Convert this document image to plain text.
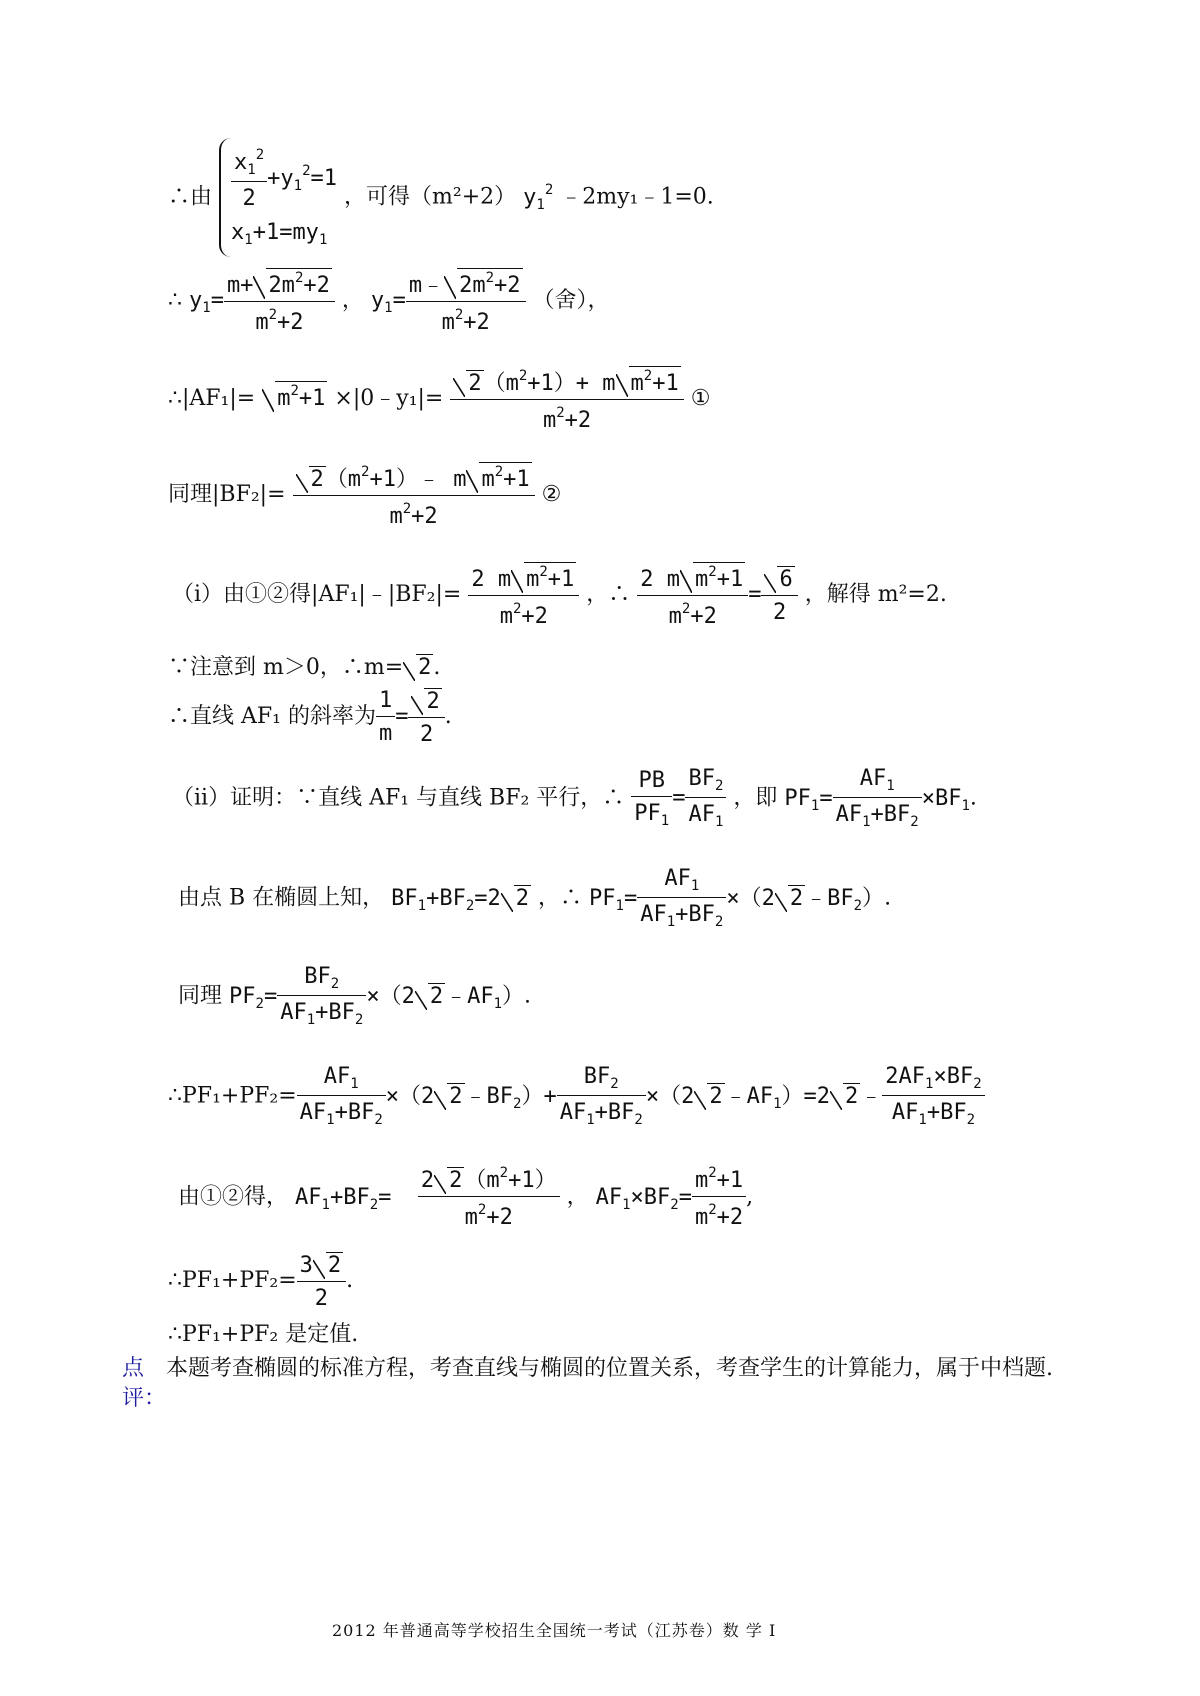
∴由 $\frac{x_1^2}{2} +y_1^2=1$
$x_1+1=my_1$
，可得（m²+2） $y_1^2$ ﹣2my₁﹣1=0.
∴ $y_1= \frac{m+ 2m^2+2}{m^2+2}$ ， $y_1= \frac{m﹣ 2m^2+2}{m^2+2}$ （舍），
∴|AF₁|= $m^2+1$ ×|0﹣y₁|= $\frac{2(m^2+1)+ m m^2+1}{m^2+2}$ ①
同理$|BF_2|= \frac{2(m^2+1)﹣ m m^2+1}{m^2+2}$ ②
（i）由①②得|AF₁|﹣|BF₂|= $\frac{2 m m^2+1}{m^2+2}$ ，∴ $\frac{2 m m^2+1}{m^2+2} = \frac{6}{2}$ ，解得 m²=2.
∵注意到 m＞0，∴m= 2.
∴直线 AF₁ 的斜率为 $\frac{1}{m} = \frac{2}{2}$ .
（ii）证明：∵直线 AF₁ 与直线 BF₂ 平行，∴ $\frac{PB}{PF_1} = \frac{BF_2}{AF_1}$ ，即 $PF_1= \frac{AF_1}{AF_1+BF_2} \times BF_1$.
由点 B 在椭圆上知， $BF_1+BF_2=2$ 2 ，∴ $PF_1= \frac{AF_1}{AF_1+BF_2} \times(2$ $2﹣BF_2$）.
同理 $PF_2= \frac{BF_2}{AF_1+BF_2} \times(2$ $2﹣AF_1$）.
∴PF₁+PF₂= $\frac{AF_1}{AF_1+BF_2} \times(2$ $2﹣BF_2)+ \frac{BF_2}{AF_1+BF_2} \times(2$ $2﹣AF_1)=2$ 2﹣ $\frac{2AF_1\times BF_2}{AF_1+BF_2}$
由①②得， $AF_1+BF_2= \frac{2 2(m^2+1)}{m^2+2}$ ， $AF_1\times BF_2= \frac{m^2+1}{m^2+2}$ ,
∴PF₁+PF₂= $\frac{3 2}{2}$ .
∴PF₁+PF₂ 是定值.
点
评：
本题考查椭圆的标准方程，考查直线与椭圆的位置关系，考查学生的计算能力，属于中档题.
2012 年普通高等学校招生全国统一考试（江苏卷）数 学 Ⅰ
